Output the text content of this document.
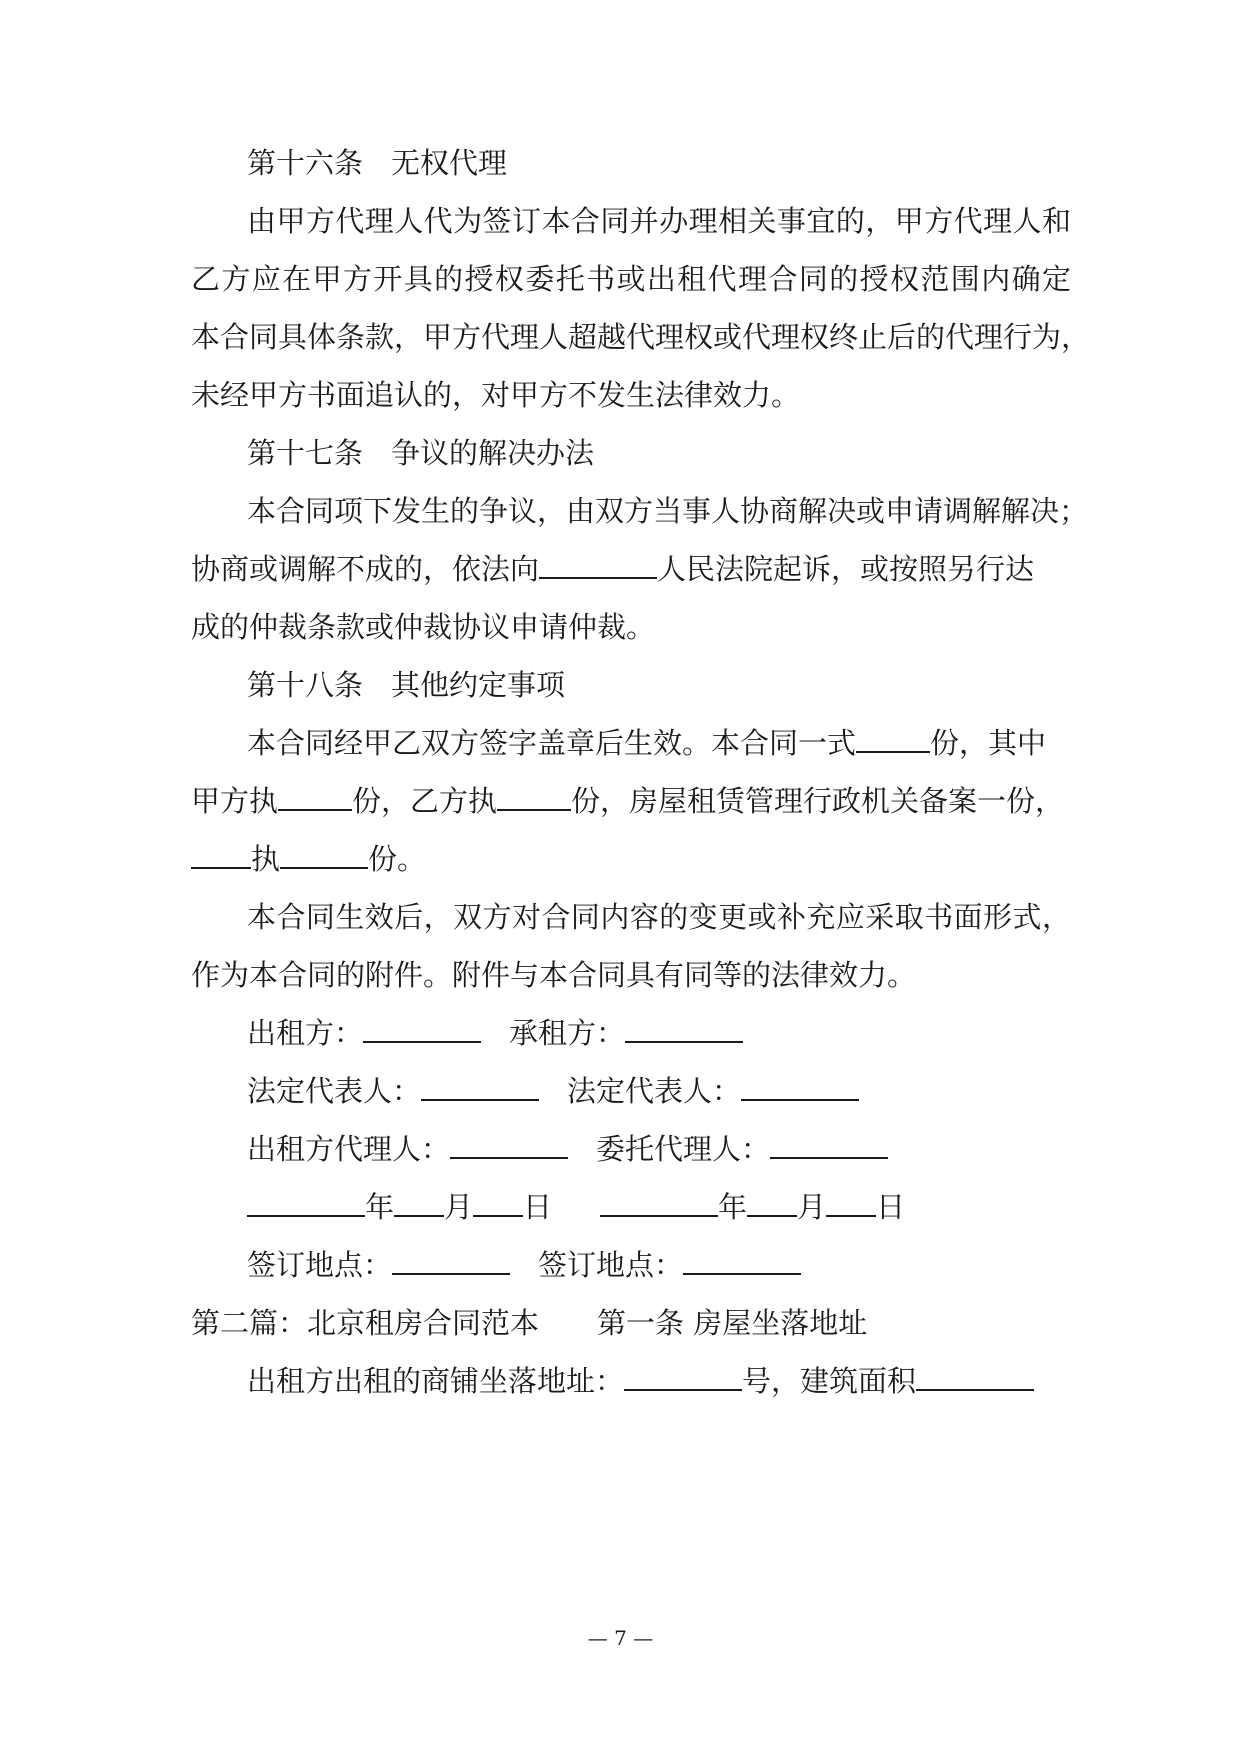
第十六条 无权代理

由甲方代理人代为签订本合同并办理相关事宜的，甲方代理人和

乙方应在甲方开具的授权委托书或出租代理合同的授权范围内确定

本合同具体条款，甲方代理人超越代理权或代理权终止后的代理行为，

未经甲方书面追认的，对甲方不发生法律效力。

第十七条 争议的解决办法

本合同项下发生的争议，由双方当事人协商解决或申请调解解决；

协商或调解不成的，依法向	人民法院起诉，或按照另行达

成的仲裁条款或仲裁协议申请仲裁。

第十八条 其他约定事项

本合同经甲乙双方签字盖章后生效。本合同一式	份，其中

甲方执	份，乙方执	份，房屋租赁管理行政机关备案一份，

执	份。

本合同生效后，双方对合同内容的变更或补充应采取书面形式，

作为本合同的附件。附件与本合同具有同等的法律效力。

出租方：	承租方：

法定代表人：	法定代表人：

出租方代理人：	委托代理人：

年 月 日	年 月 日

签订地点：	签订地点：

第二篇：北京租房合同范本 第一条 房屋坐落地址

出租方出租的商铺坐落地址：	号，建筑面积

— 7 —
